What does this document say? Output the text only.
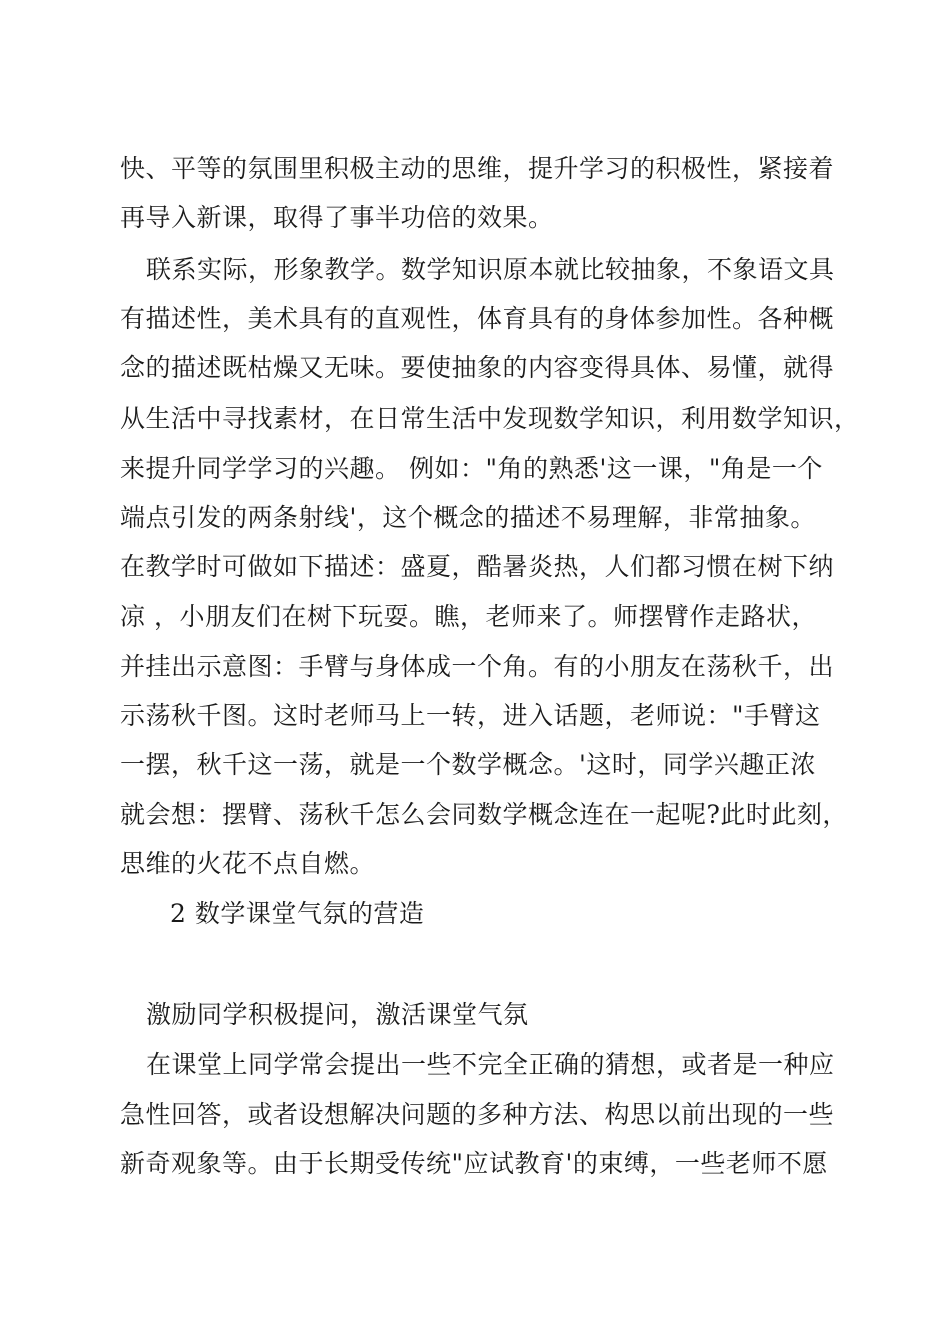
快、平等的氛围里积极主动的思维，提升学习的积极性，紧接着

再导入新课，取得了事半功倍的效果。

联系实际，形象教学。数学知识原本就比较抽象，不象语文具

有描述性，美术具有的直观性，体育具有的身体参加性。各种概

念的描述既枯燥又无味。要使抽象的内容变得具体、易懂，就得

从生活中寻找素材，在日常生活中发现数学知识，利用数学知识，

来提升同学学习的兴趣。 例如："角的熟悉'这一课，"角是一个

端点引发的两条射线'，这个概念的描述不易理解，非常抽象。

在教学时可做如下描述：盛夏，酷暑炎热，人们都习惯在树下纳

凉 ，小朋友们在树下玩耍。瞧，老师来了。师摆臂作走路状，

并挂出示意图：手臂与身体成一个角。有的小朋友在荡秋千，出

示荡秋千图。这时老师马上一转，进入话题，老师说："手臂这

一摆，秋千这一荡，就是一个数学概念。'这时，同学兴趣正浓

就会想：摆臂、荡秋千怎么会同数学概念连在一起呢?此时此刻，

思维的火花不点自燃。

2 数学课堂气氛的营造

激励同学积极提问，激活课堂气氛

在课堂上同学常会提出一些不完全正确的猜想，或者是一种应

急性回答，或者设想解决问题的多种方法、构思以前出现的一些

新奇观象等。由于长期受传统"应试教育'的束缚，一些老师不愿
